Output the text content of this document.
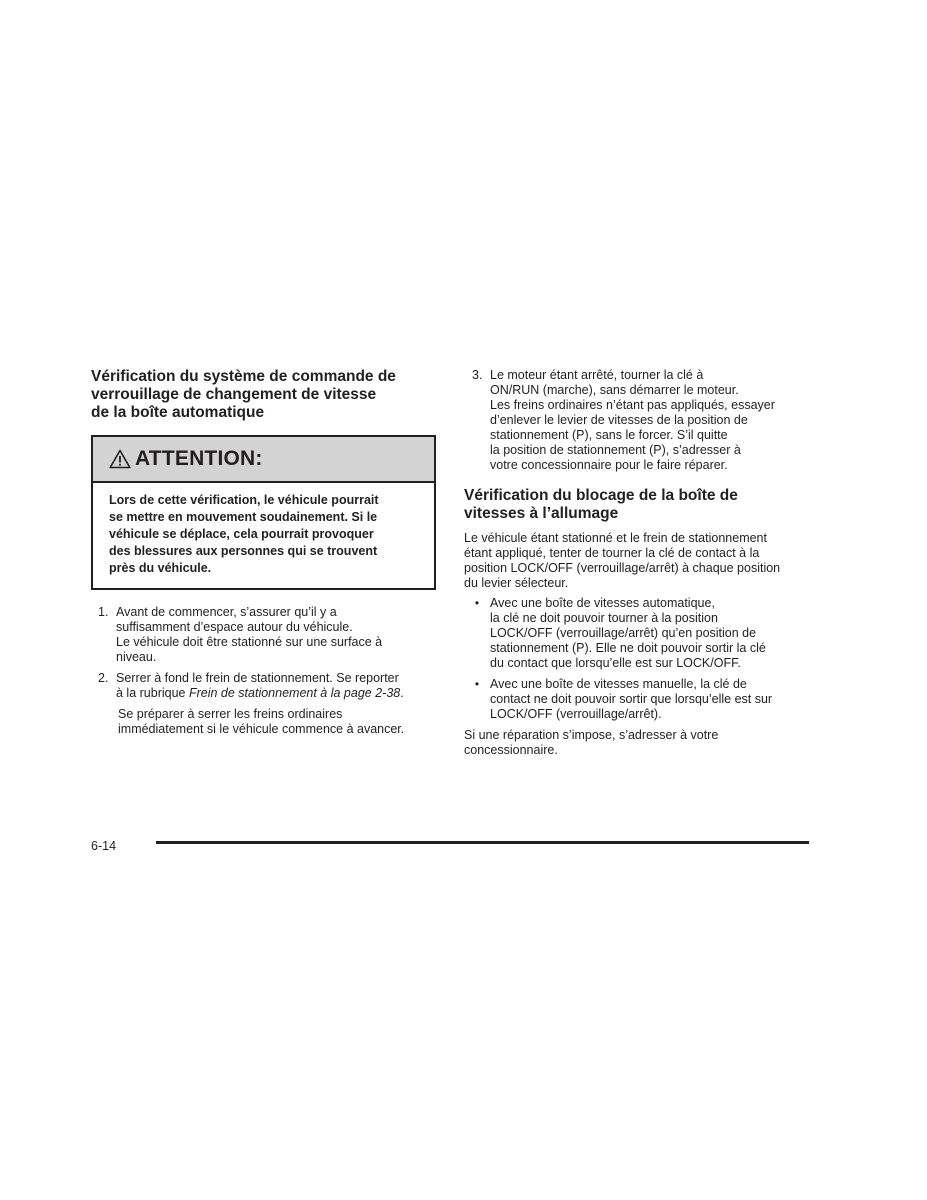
Vérification du système de commande de
verrouillage de changement de vitesse
de la boîte automatique
ATTENTION:
Lors de cette vérification, le véhicule pourrait
se mettre en mouvement soudainement. Si le
véhicule se déplace, cela pourrait provoquer
des blessures aux personnes qui se trouvent
près du véhicule.
1. Avant de commencer, s’assurer qu’il y a
suffisamment d’espace autour du véhicule.
Le véhicule doit être stationné sur une surface à
niveau.
2. Serrer à fond le frein de stationnement. Se reporter
à la rubrique Frein de stationnement à la page 2-38.

Se préparer à serrer les freins ordinaires
immédiatement si le véhicule commence à avancer.

3. Le moteur étant arrêté, tourner la clé à
ON/RUN (marche), sans démarrer le moteur.
Les freins ordinaires n’étant pas appliqués, essayer
d’enlever le levier de vitesses de la position de
stationnement (P), sans le forcer. S’il quitte
la position de stationnement (P), s’adresser à
votre concessionnaire pour le faire réparer.
Vérification du blocage de la boîte de
vitesses à l’allumage
Le véhicule étant stationné et le frein de stationnement
étant appliqué, tenter de tourner la clé de contact à la
position LOCK/OFF (verrouillage/arrêt) à chaque position
du levier sélecteur.
• Avec une boîte de vitesses automatique,
la clé ne doit pouvoir tourner à la position
LOCK/OFF (verrouillage/arrêt) qu’en position de
stationnement (P). Elle ne doit pouvoir sortir la clé
du contact que lorsqu’elle est sur LOCK/OFF.
• Avec une boîte de vitesses manuelle, la clé de
contact ne doit pouvoir sortir que lorsqu’elle est sur
LOCK/OFF (verrouillage/arrêt).
Si une réparation s’impose, s’adresser à votre
concessionnaire.
6-14
